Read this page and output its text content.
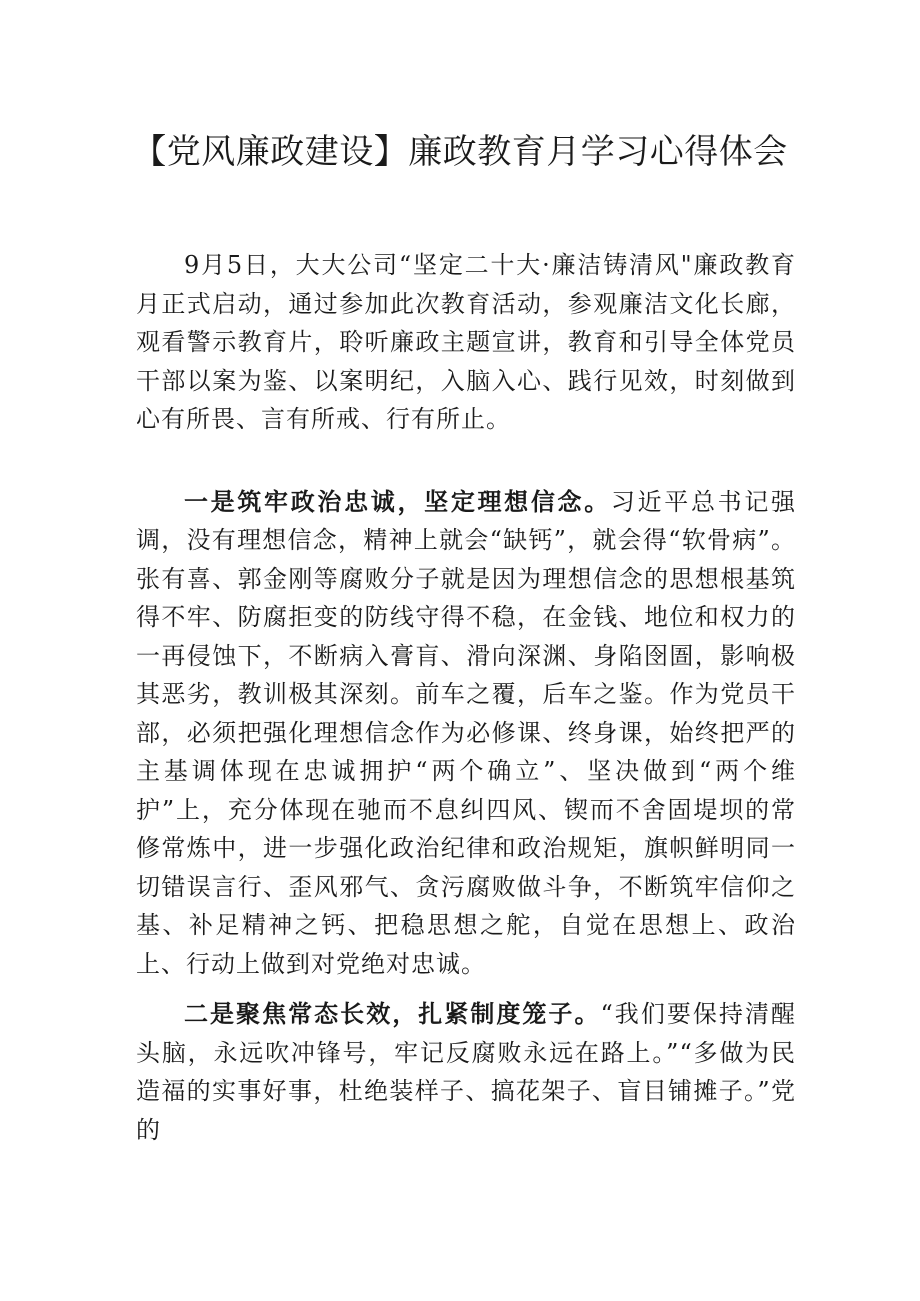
【党风廉政建设】廉政教育月学习心得体会

9月5日，大大公司“坚定二十大·廉洁铸清风"廉政教育月正式启动，通过参加此次教育活动，参观廉洁文化长廊，观看警示教育片，聆听廉政主题宣讲，教育和引导全体党员干部以案为鉴、以案明纪，入脑入心、践行见效，时刻做到心有所畏、言有所戒、行有所止。

一是筑牢政治忠诚，坚定理想信念。习近平总书记强调，没有理想信念，精神上就会“缺钙”，就会得“软骨病”。张有喜、郭金刚等腐败分子就是因为理想信念的思想根基筑得不牢、防腐拒变的防线守得不稳，在金钱、地位和权力的一再侵蚀下，不断病入膏肓、滑向深渊、身陷囹圄，影响极其恶劣，教训极其深刻。前车之覆，后车之鉴。作为党员干部，必须把强化理想信念作为必修课、终身课，始终把严的主基调体现在忠诚拥护“两个确立”、坚决做到“两个维护”上，充分体现在驰而不息纠四风、锲而不舍固堤坝的常修常炼中，进一步强化政治纪律和政治规矩，旗帜鲜明同一切错误言行、歪风邪气、贪污腐败做斗争，不断筑牢信仰之基、补足精神之钙、把稳思想之舵，自觉在思想上、政治上、行动上做到对党绝对忠诚。

二是聚焦常态长效，扎紧制度笼子。“我们要保持清醒头脑，永远吹冲锋号，牢记反腐败永远在路上。”“多做为民造福的实事好事，杜绝装样子、搞花架子、盲目铺摊子。”党的
